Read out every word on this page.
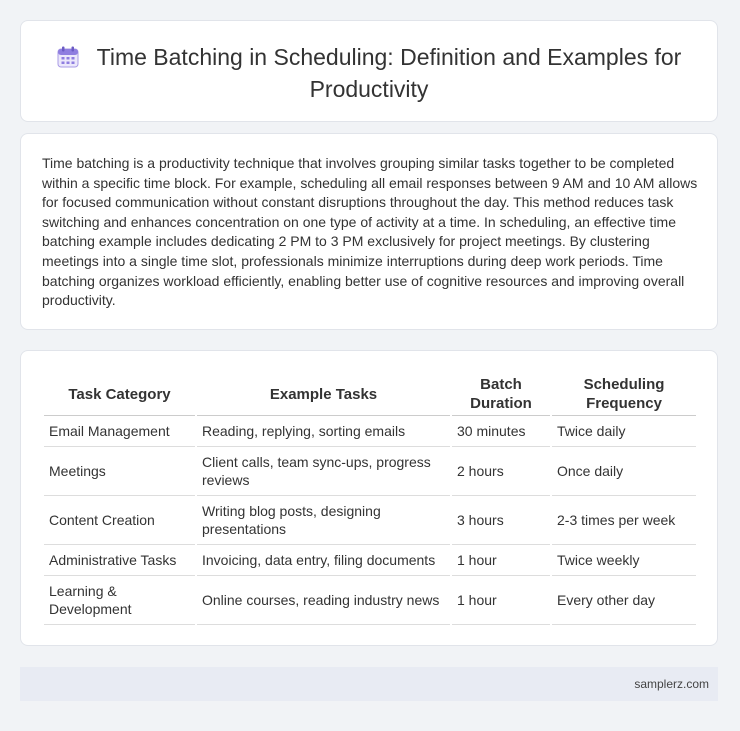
Time Batching in Scheduling: Definition and Examples for Productivity
Time batching is a productivity technique that involves grouping similar tasks together to be completed within a specific time block. For example, scheduling all email responses between 9 AM and 10 AM allows for focused communication without constant disruptions throughout the day. This method reduces task switching and enhances concentration on one type of activity at a time. In scheduling, an effective time batching example includes dedicating 2 PM to 3 PM exclusively for project meetings. By clustering meetings into a single time slot, professionals minimize interruptions during deep work periods. Time batching organizes workload efficiently, enabling better use of cognitive resources and improving overall productivity.
Task Category	Example Tasks	Batch Duration	Scheduling Frequency
Email Management	Reading, replying, sorting emails	30 minutes	Twice daily
Meetings	Client calls, team sync-ups, progress reviews	2 hours	Once daily
Content Creation	Writing blog posts, designing presentations	3 hours	2-3 times per week
Administrative Tasks	Invoicing, data entry, filing documents	1 hour	Twice weekly
Learning & Development	Online courses, reading industry news	1 hour	Every other day
samplerz.com
